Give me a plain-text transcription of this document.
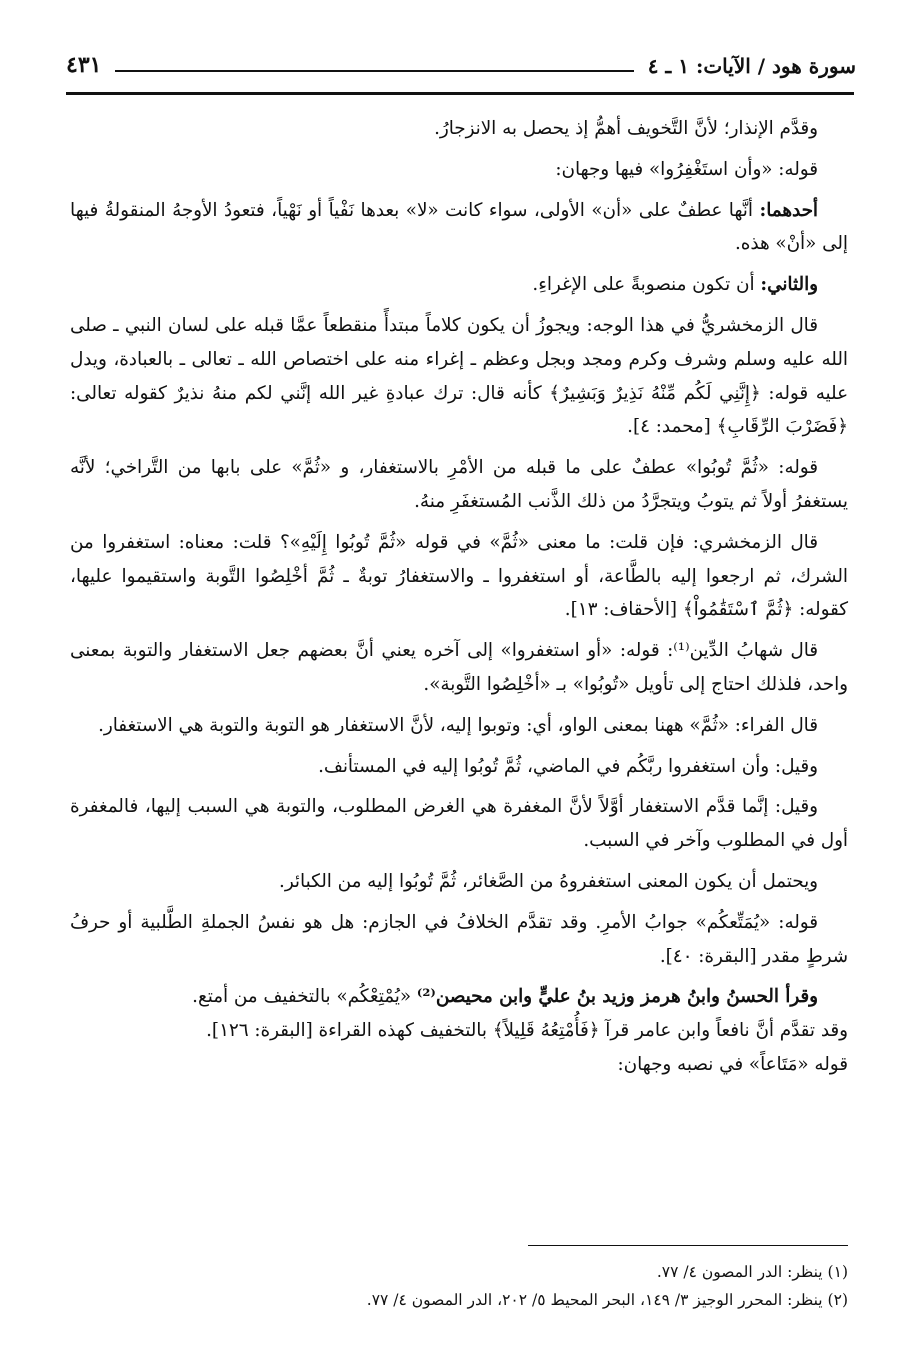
سورة هود / الآيات: ١ ـ ٤
٤٣١

وقدَّم الإنذار؛ لأنَّ التَّخويف أهمُّ إذ يحصل به الانزجارُ.

قوله: «وأن استَغْفِرُوا» فيها وجهان:

أحدهما: أنَّها عطفٌ على «أن» الأولى، سواء كانت «لا» بعدها نَفْياً أو نَهْياً، فتعودُ الأوجهُ المنقولةُ فيها إلى «أنْ» هذه.

والثاني: أن تكون منصوبةً على الإغراءِ.

قال الزمخشريُّ في هذا الوجه: ويجوزُ أن يكون كلاماً مبتدأً منقطعاً عمَّا قبله على لسان النبي ـ صلى الله عليه وسلم وشرف وكرم ومجد وبجل وعظم ـ إغراء منه على اختصاص الله ـ تعالى ـ بالعبادة، ويدل عليه قوله: ﴿إِنَّنِي لَكُم مِّنْهُ نَذِيرٌ وَبَشِيرٌ﴾ كأنه قال: ترك عبادةِ غير الله إنَّني لكم منهُ نذيرٌ كقوله تعالى: ﴿فَضَرْبَ الرِّقَابِ﴾ [محمد: ٤].

قوله: «ثُمَّ تُوبُوا» عطفٌ على ما قبله من الأمْرِ بالاستغفار، و «ثُمَّ» على بابها من التَّراخي؛ لأنَّه يستغفرُ أولاً ثم يتوبُ ويتجرَّدُ من ذلك الذَّنب المُستغفَرِ منهُ.

قال الزمخشري: فإن قلت: ما معنى «ثُمَّ» في قوله «ثُمَّ تُوبُوا إِلَيْهِ»؟ قلت: معناه: استغفروا من الشرك، ثم ارجعوا إليه بالطَّاعة، أو استغفروا ـ والاستغفارُ توبةٌ ـ ثُمَّ أخْلِصُوا التَّوبة واستقيموا عليها، كقوله: ﴿ثُمَّ ٱسْتَقَٰمُواْ﴾ [الأحقاف: ١٣].

قال شهابُ الدِّين⁽¹⁾: قوله: «أو استغفروا» إلى آخره يعني أنَّ بعضهم جعل الاستغفار والتوبة بمعنى واحد، فلذلك احتاج إلى تأويل «تُوبُوا» بـ «أخْلِصُوا التَّوبة».

قال الفراء: «ثُمَّ» ههنا بمعنى الواو، أي: وتوبوا إليه، لأنَّ الاستغفار هو التوبة والتوبة هي الاستغفار.

وقيل: وأن استغفروا ربَّكُم في الماضي، ثُمَّ تُوبُوا إليه في المستأنف.

وقيل: إنَّما قدَّم الاستغفار أوَّلاً لأنَّ المغفرة هي الغرض المطلوب، والتوبة هي السبب إليها، فالمغفرة أول في المطلوب وآخر في السبب.

ويحتمل أن يكون المعنى استغفروهُ من الصَّغائر، ثُمَّ تُوبُوا إليه من الكبائر.

قوله: «يُمَتِّعكُم» جوابُ الأمرِ. وقد تقدَّم الخلافُ في الجازم: هل هو نفسُ الجملةِ الطَّلبية أو حرفُ شرطٍ مقدر [البقرة: ٤٠].

وقرأ الحسنُ وابنُ هرمز وزيد بنُ عليٍّ وابن محيصن⁽²⁾ «يُمْتِعْكُم» بالتخفيف من أمتع.

وقد تقدَّم أنَّ نافعاً وابن عامر قرآ ﴿فَأُمْتِعُهُ قَلِيلاً﴾ بالتخفيف كهذه القراءة [البقرة: ١٢٦].

قوله «مَتَاعاً» في نصبه وجهان:

(١) ينظر: الدر المصون ٤/ ٧٧.
(٢) ينظر: المحرر الوجيز ٣/ ١٤٩، البحر المحيط ٥/ ٢٠٢، الدر المصون ٤/ ٧٧.
